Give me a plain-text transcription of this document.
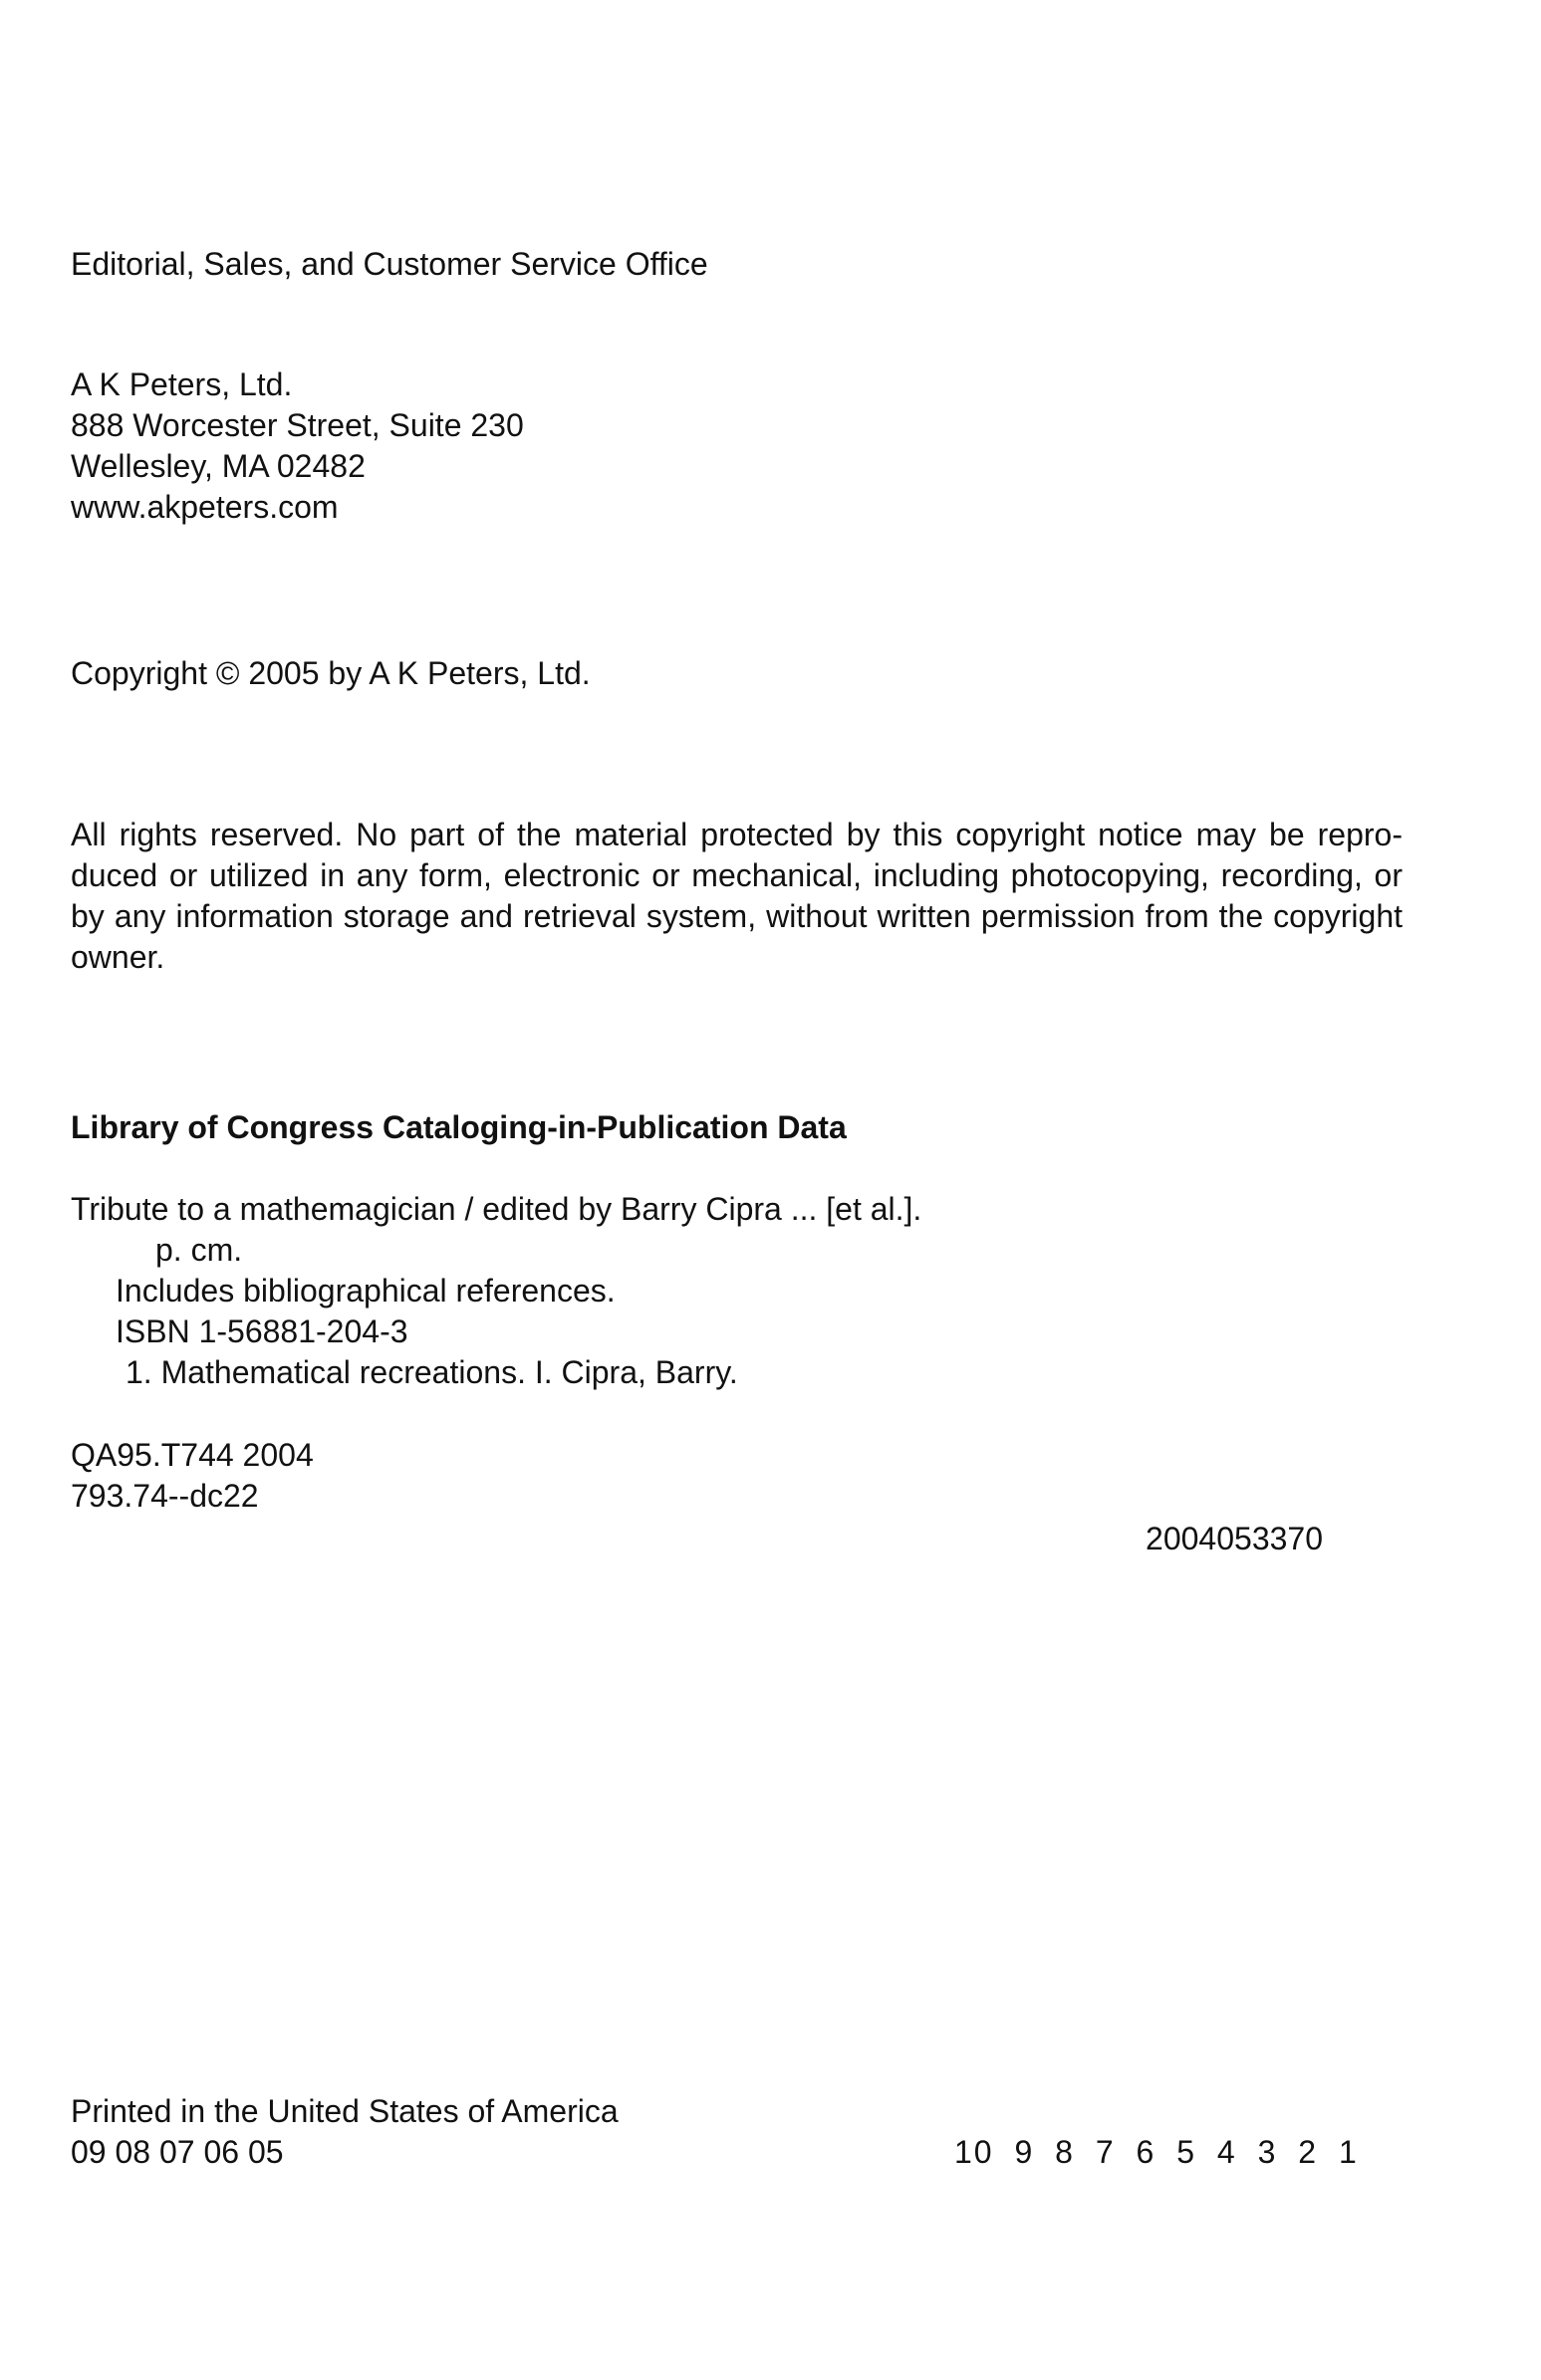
Editorial, Sales, and Customer Service Office
A K Peters, Ltd.
888 Worcester Street, Suite 230
Wellesley, MA 02482
www.akpeters.com
Copyright © 2005 by A K Peters, Ltd.
All rights reserved. No part of the material protected by this copyright notice may be repro-duced or utilized in any form, electronic or mechanical, including photocopying, recording, or by any information storage and retrieval system, without written permission from the copyright owner.
Library of Congress Cataloging-in-Publication Data
Tribute to a mathemagician / edited by Barry Cipra ... [et al.].
p. cm.
Includes bibliographical references.
ISBN 1-56881-204-3
1. Mathematical recreations. I. Cipra, Barry.
QA95.T744 2004
793.74--dc22
2004053370
Printed in the United States of America
09 08 07 06 05	10 9 8 7 6 5 4 3 2 1
